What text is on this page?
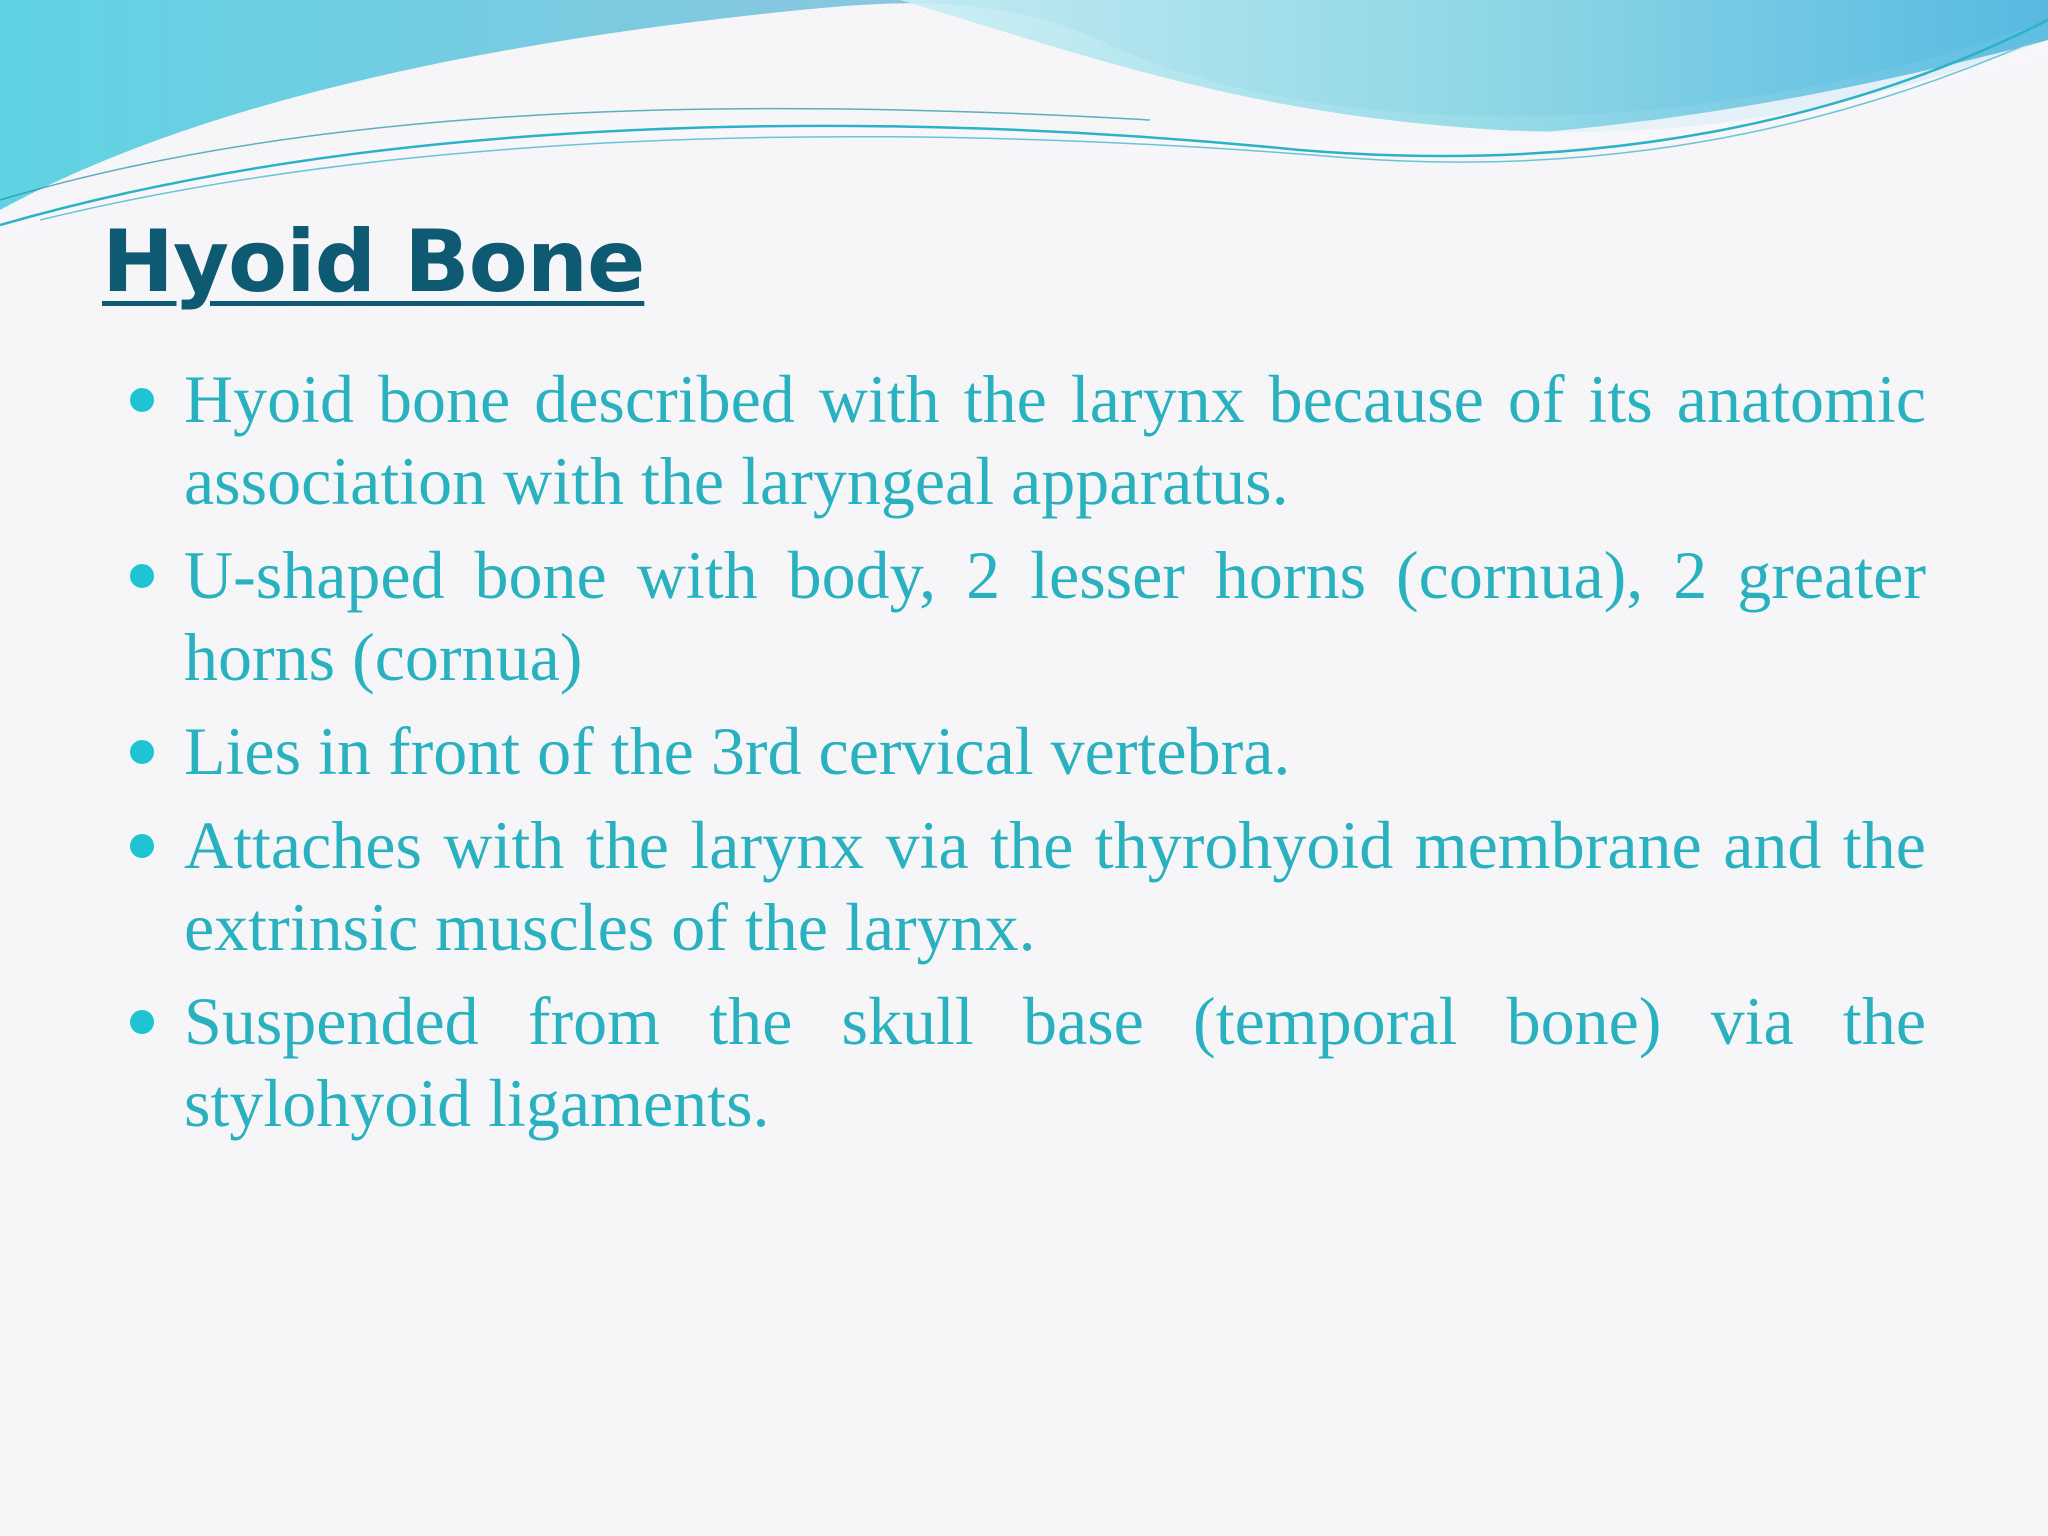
Hyoid Bone
Hyoid bone described with the larynx because of its anatomic association with the laryngeal apparatus.
U-shaped bone with body, 2 lesser horns (cornua), 2 greater horns (cornua)
Lies in front of the 3rd cervical vertebra.
Attaches with the larynx via the thyrohyoid membrane and the extrinsic muscles of the larynx.
Suspended from the skull base (temporal bone) via the stylohyoid ligaments.
